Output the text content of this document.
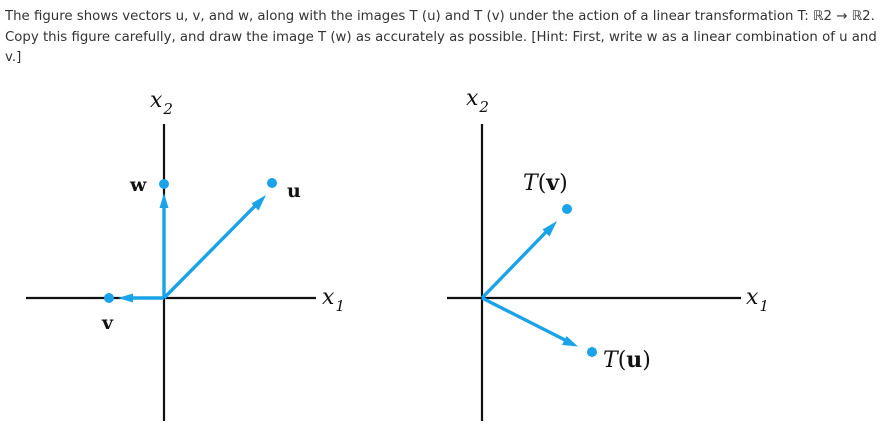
The figure shows vectors u, v, and w, along with the images T (u) and T (v) under the action of a linear transformation T: ℝ2 → ℝ2. Copy this figure carefully, and draw the image T (w) as accurately as possible. [Hint: First, write w as a linear combination of u and v.]
$x_2$
$x_1$
w	u
v
$x_2$
$x_1$
T(v)
T(u)
